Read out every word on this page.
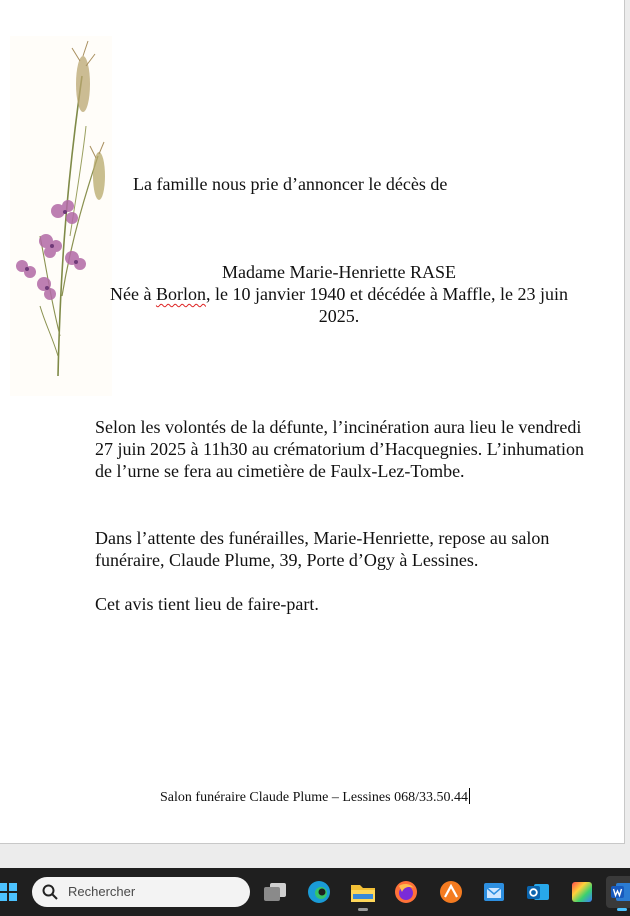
La famille nous prie d’annoncer le décès de
Madame Marie-Henriette RASE
Née à Borlon, le 10 janvier 1940 et décédée à Maffle, le 23 juin 2025.
Selon les volontés de la défunte, l’incinération aura lieu le vendredi 27 juin 2025 à 11h30 au crématorium d’Hacquegnies. L’inhumation de l’urne se fera au cimetière de Faulx-Lez-Tombe.
Dans l’attente des funérailles, Marie-Henriette, repose au salon funéraire, Claude Plume, 39, Porte d’Ogy à Lessines.
Cet avis tient lieu de faire-part.
Salon funéraire Claude Plume – Lessines 068/33.50.44
Rechercher
